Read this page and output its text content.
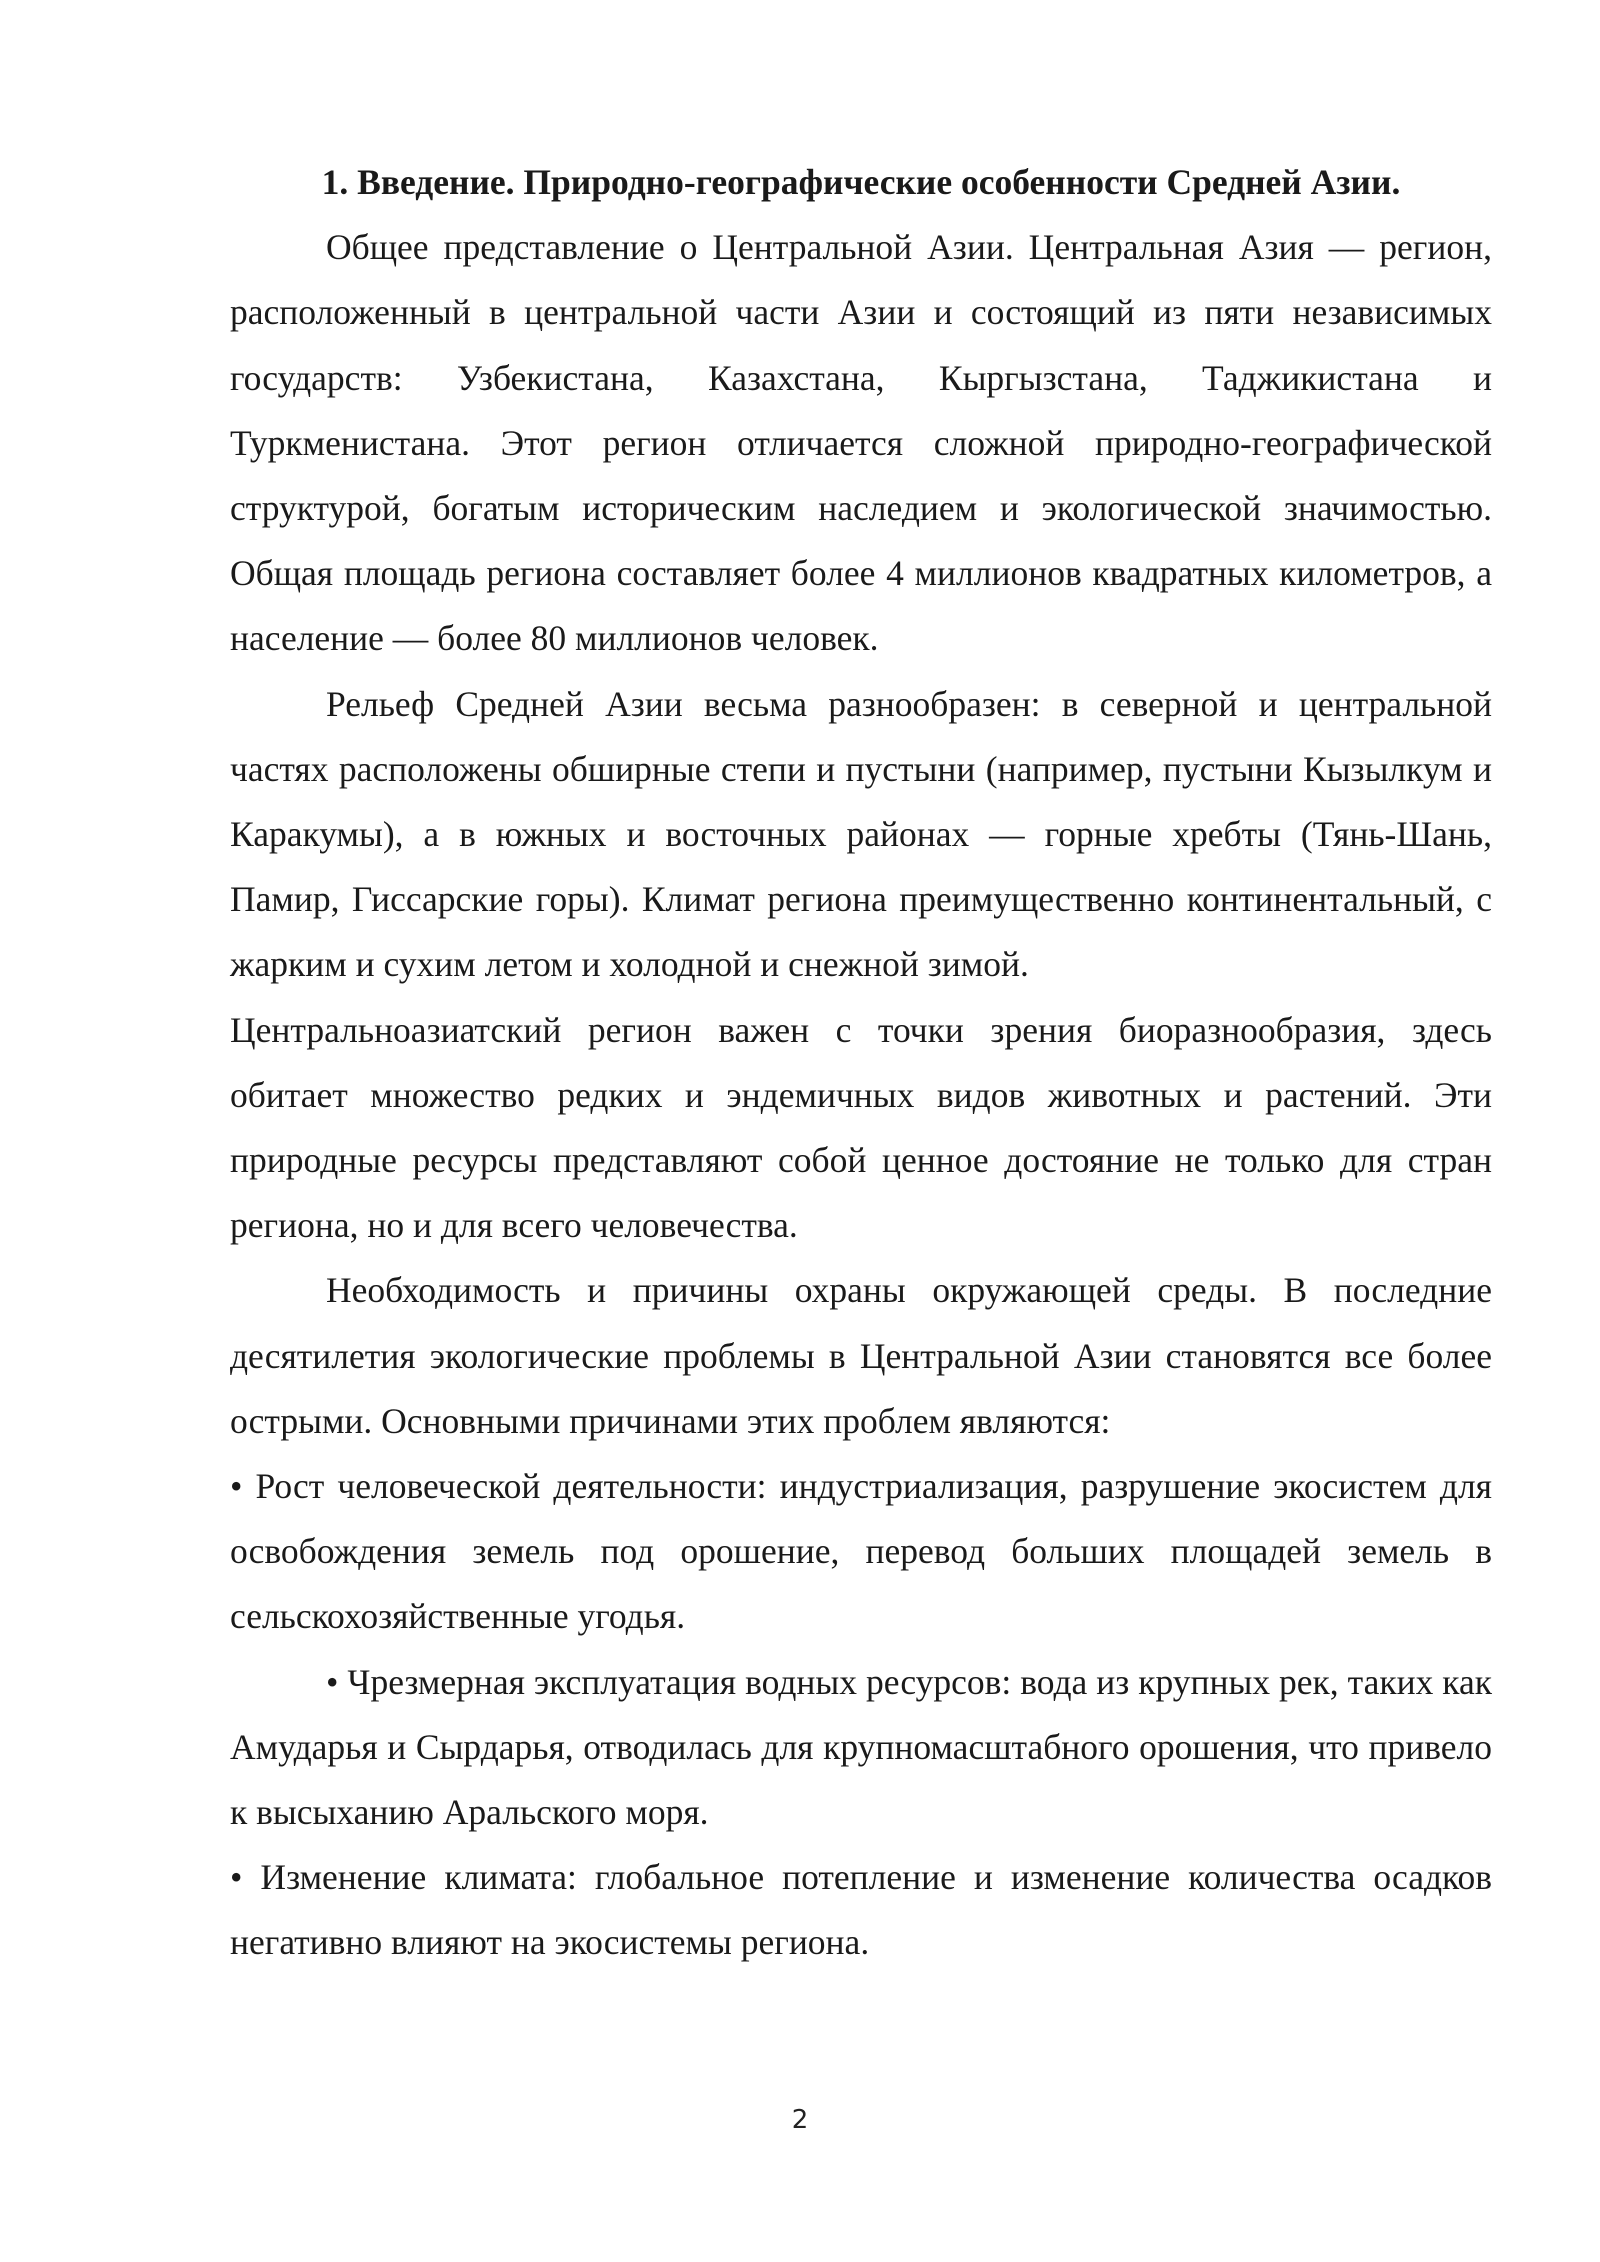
1. Введение. Природно-географические особенности Средней Азии.

Общее представление о Центральной Азии. Центральная Азия — регион, расположенный в центральной части Азии и состоящий из пяти независимых государств: Узбекистана, Казахстана, Кыргызстана, Таджикистана и Туркменистана. Этот регион отличается сложной природно-географической структурой, богатым историческим наследием и экологической значимостью. Общая площадь региона составляет более 4 миллионов квадратных километров, а население — более 80 миллионов человек.

Рельеф Средней Азии весьма разнообразен: в северной и центральной частях расположены обширные степи и пустыни (например, пустыни Кызылкум и Каракумы), а в южных и восточных районах — горные хребты (Тянь-Шань, Памир, Гиссарские горы). Климат региона преимущественно континентальный, с жарким и сухим летом и холодной и снежной зимой.

Центральноазиатский регион важен с точки зрения биоразнообразия, здесь обитает множество редких и эндемичных видов животных и растений. Эти природные ресурсы представляют собой ценное достояние не только для стран региона, но и для всего человечества.

Необходимость и причины охраны окружающей среды. В последние десятилетия экологические проблемы в Центральной Азии становятся все более острыми. Основными причинами этих проблем являются:

• Рост человеческой деятельности: индустриализация, разрушение экосистем для освобождения земель под орошение, перевод больших площадей земель в сельскохозяйственные угодья.

• Чрезмерная эксплуатация водных ресурсов: вода из крупных рек, таких как Амударья и Сырдарья, отводилась для крупномасштабного орошения, что привело к высыханию Аральского моря.

• Изменение климата: глобальное потепление и изменение количества осадков негативно влияют на экосистемы региона.

2
